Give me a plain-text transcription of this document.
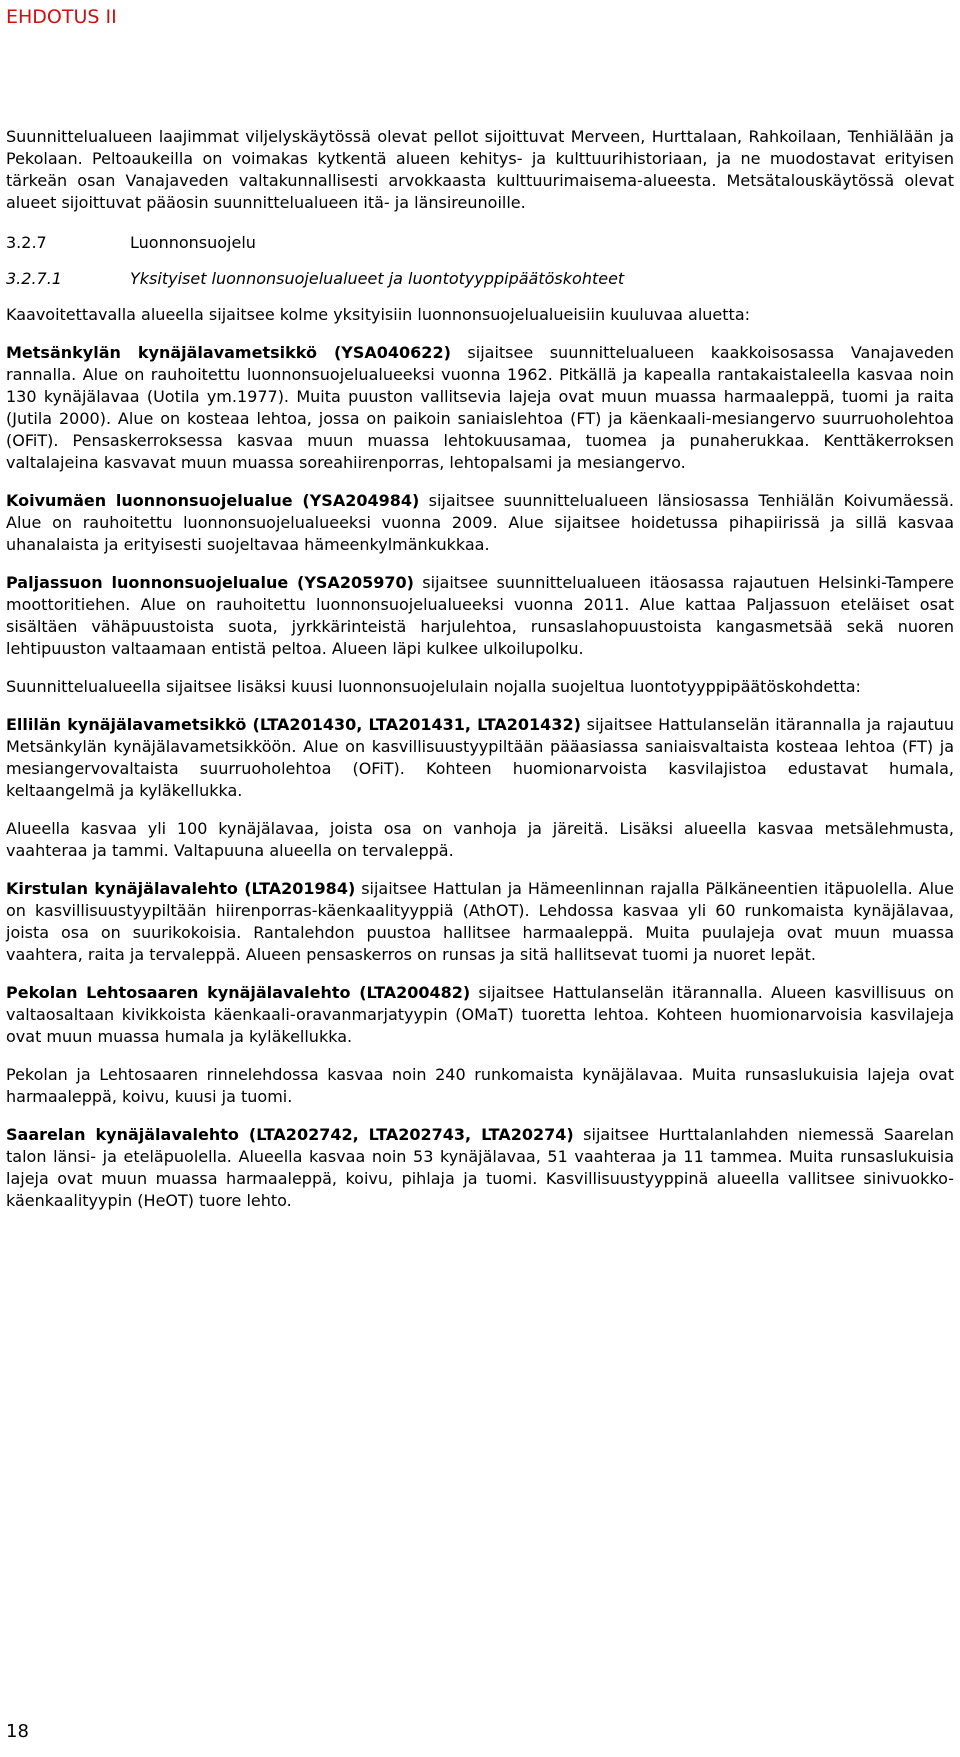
EHDOTUS II

Suunnittelualueen laajimmat viljelyskäytössä olevat pellot sijoittuvat Merveen, Hurttalaan, Rahkoilaan, Tenhiälään ja Pekolaan. Peltoaukeilla on voimakas kytkentä alueen kehitys- ja kulttuurihistoriaan, ja ne muodostavat erityisen tärkeän osan Vanajaveden valtakunnallisesti arvokkaasta kulttuurimaisema-alueesta. Metsätalouskäytössä olevat alueet sijoittuvat pääosin suunnittelualueen itä- ja länsireunoille.

3.2.7	Luonnonsuojelu
3.2.7.1	Yksityiset luonnonsuojelualueet ja luontotyyppipäätöskohteet

Kaavoitettavalla alueella sijaitsee kolme yksityisiin luonnonsuojelualueisiin kuuluvaa aluetta:

Metsänkylän kynäjälavametsikkö (YSA040622) sijaitsee suunnittelualueen kaakkoisosassa Vanajaveden rannalla. Alue on rauhoitettu luonnonsuojelualueeksi vuonna 1962. Pitkällä ja kapealla rantakaistaleella kasvaa noin 130 kynäjälavaa (Uotila ym.1977). Muita puuston vallitsevia lajeja ovat muun muassa harmaaleppä, tuomi ja raita (Jutila 2000). Alue on kosteaa lehtoa, jossa on paikoin saniaislehtoa (FT) ja käenkaali-mesiangervo suurruoholehtoa (OFiT). Pensaskerroksessa kasvaa muun muassa lehtokuusamaa, tuomea ja punaherukkaa. Kenttäkerroksen valtalajeina kasvavat muun muassa soreahiirenporras, lehtopalsami ja mesiangervo.

Koivumäen luonnonsuojelualue (YSA204984) sijaitsee suunnittelualueen länsiosassa Tenhiälän Koivumäessä. Alue on rauhoitettu luonnonsuojelualueeksi vuonna 2009. Alue sijaitsee hoidetussa pihapiirissä ja sillä kasvaa uhanalaista ja erityisesti suojeltavaa hämeenkylmänkukkaa.

Paljassuon luonnonsuojelualue (YSA205970) sijaitsee suunnittelualueen itäosassa rajautuen Helsinki-Tampere moottoritiehen. Alue on rauhoitettu luonnonsuojelualueeksi vuonna 2011. Alue kattaa Paljassuon eteläiset osat sisältäen vähäpuustoista suota, jyrkkärinteistä harjulehtoa, runsaslahopuustoista kangasmetsää sekä nuoren lehtipuuston valtaamaan entistä peltoa. Alueen läpi kulkee ulkoilupolku.

Suunnittelualueella sijaitsee lisäksi kuusi luonnonsuojelulain nojalla suojeltua luontotyyppipäätöskohdetta:

Ellilän kynäjälavametsikkö (LTA201430, LTA201431, LTA201432) sijaitsee Hattulanselän itärannalla ja rajautuu Metsänkylän kynäjälavametsikköön. Alue on kasvillisuustyypiltään pääasiassa saniaisvaltaista kosteaa lehtoa (FT) ja mesiangervovaltaista suurruoholehtoa (OFiT). Kohteen huomionarvoista kasvilajistoa edustavat humala, keltaangelmä ja kyläkellukka.

Alueella kasvaa yli 100 kynäjälavaa, joista osa on vanhoja ja järeitä. Lisäksi alueella kasvaa metsälehmusta, vaahteraa ja tammi. Valtapuuna alueella on tervaleppä.

Kirstulan kynäjälavalehto (LTA201984) sijaitsee Hattulan ja Hämeenlinnan rajalla Pälkäneentien itäpuolella. Alue on kasvillisuustyypiltään hiirenporras-käenkaalityyppiä (AthOT). Lehdossa kasvaa yli 60 runkomaista kynäjälavaa, joista osa on suurikokoisia. Rantalehdon puustoa hallitsee harmaaleppä. Muita puulajeja ovat muun muassa vaahtera, raita ja tervaleppä. Alueen pensaskerros on runsas ja sitä hallitsevat tuomi ja nuoret lepät.

Pekolan Lehtosaaren kynäjälavalehto (LTA200482) sijaitsee Hattulanselän itärannalla. Alueen kasvillisuus on valtaosaltaan kivikkoista käenkaali-oravanmarjatyypin (OMaT) tuoretta lehtoa. Kohteen huomionarvoisia kasvilajeja ovat muun muassa humala ja kyläkellukka.

Pekolan ja Lehtosaaren rinnelehdossa kasvaa noin 240 runkomaista kynäjälavaa. Muita runsaslukuisia lajeja ovat harmaaleppä, koivu, kuusi ja tuomi.

Saarelan kynäjälavalehto (LTA202742, LTA202743, LTA20274) sijaitsee Hurttalanlahden niemessä Saarelan talon länsi- ja eteläpuolella. Alueella kasvaa noin 53 kynäjälavaa, 51 vaahteraa ja 11 tammea. Muita runsaslukuisia lajeja ovat muun muassa harmaaleppä, koivu, pihlaja ja tuomi. Kasvillisuustyyppinä alueella vallitsee sinivuokko-käenkaalityypin (HeOT) tuore lehto.

18
